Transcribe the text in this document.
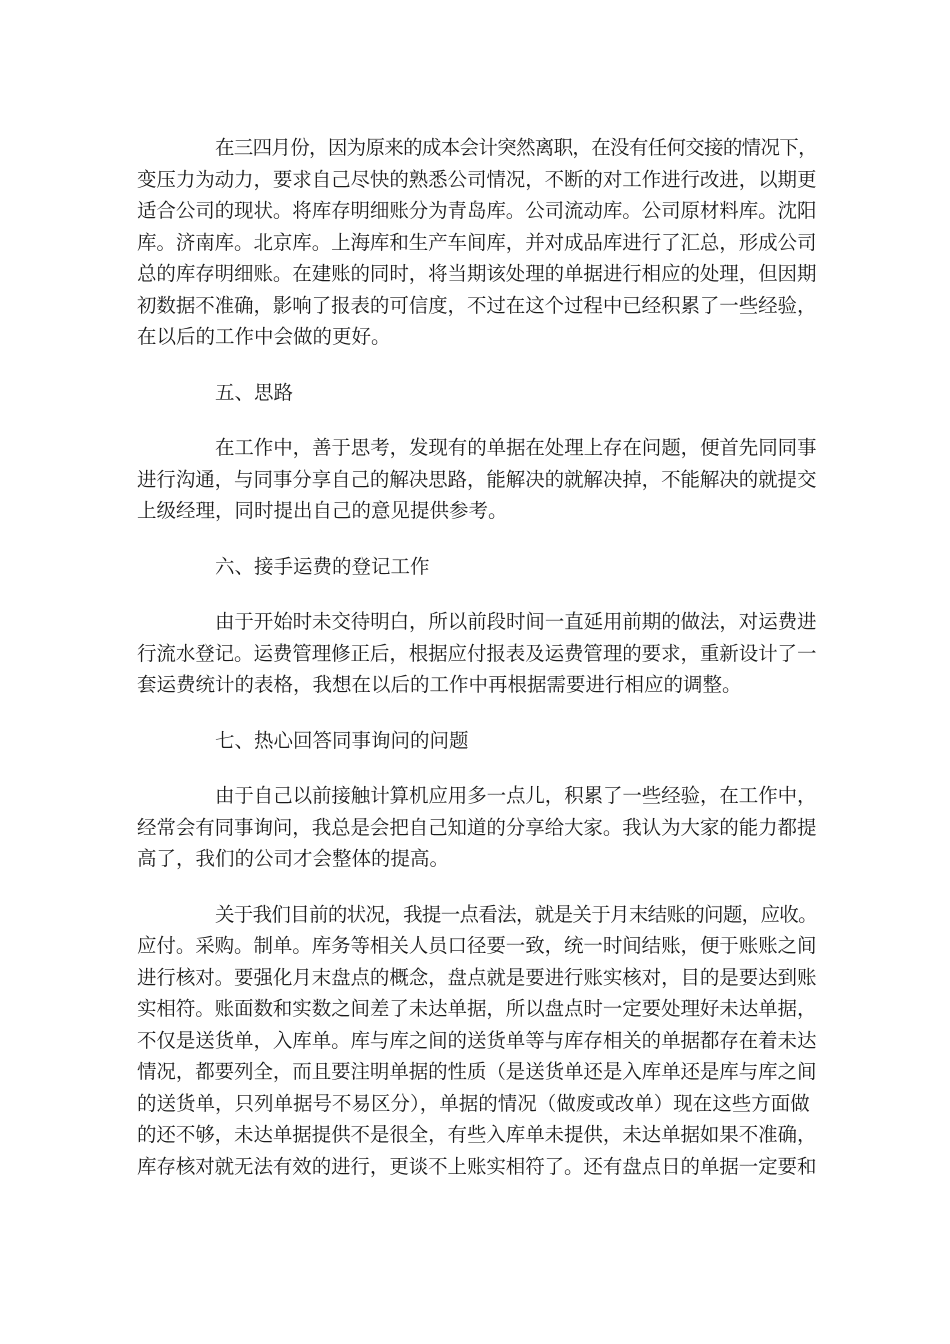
在三四月份，因为原来的成本会计突然离职，在没有任何交接的情况下，
变压力为动力，要求自己尽快的熟悉公司情况，不断的对工作进行改进，以期更
适合公司的现状。将库存明细账分为青岛库。公司流动库。公司原材料库。沈阳
库。济南库。北京库。上海库和生产车间库，并对成品库进行了汇总，形成公司
总的库存明细账。在建账的同时，将当期该处理的单据进行相应的处理，但因期
初数据不准确，影响了报表的可信度，不过在这个过程中已经积累了一些经验，
在以后的工作中会做的更好。
五、思路
在工作中，善于思考，发现有的单据在处理上存在问题，便首先同同事
进行沟通，与同事分享自己的解决思路，能解决的就解决掉，不能解决的就提交
上级经理，同时提出自己的意见提供参考。
六、接手运费的登记工作
由于开始时未交待明白，所以前段时间一直延用前期的做法，对运费进
行流水登记。运费管理修正后，根据应付报表及运费管理的要求，重新设计了一
套运费统计的表格，我想在以后的工作中再根据需要进行相应的调整。
七、热心回答同事询问的问题
由于自己以前接触计算机应用多一点儿，积累了一些经验，在工作中，
经常会有同事询问，我总是会把自己知道的分享给大家。我认为大家的能力都提
高了，我们的公司才会整体的提高。
关于我们目前的状况，我提一点看法，就是关于月末结账的问题，应收。
应付。采购。制单。库务等相关人员口径要一致，统一时间结账，便于账账之间
进行核对。要强化月末盘点的概念，盘点就是要进行账实核对，目的是要达到账
实相符。账面数和实数之间差了未达单据，所以盘点时一定要处理好未达单据，
不仅是送货单，入库单。库与库之间的送货单等与库存相关的单据都存在着未达
情况，都要列全，而且要注明单据的性质（是送货单还是入库单还是库与库之间
的送货单，只列单据号不易区分），单据的情况（做废或改单）现在这些方面做
的还不够，未达单据提供不是很全，有些入库单未提供，未达单据如果不准确，
库存核对就无法有效的进行，更谈不上账实相符了。还有盘点日的单据一定要和
